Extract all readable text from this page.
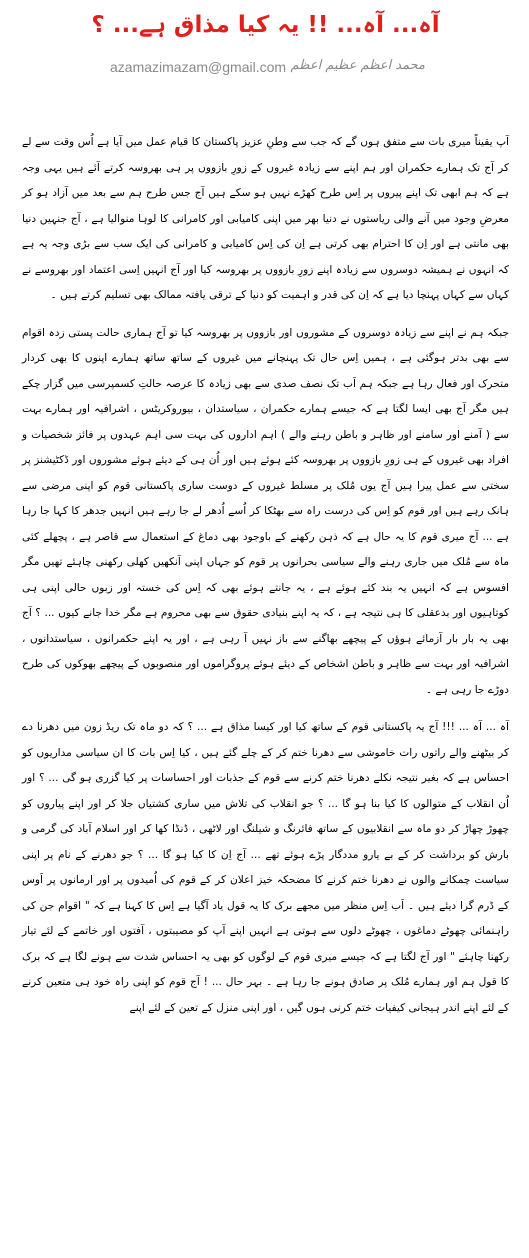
آہ... آہ... !! یہ کیا مذاق ہے... ؟
azamazimazam@gmail.com محمد اعظم عظیم اعظم

آپ یقیناً میری بات سے متفق ہوں گے کہ جب سے وطنِ عزیز پاکستان کا قیام عمل میں آیا ہے اُس وقت سے لے کر آج تک ہمارے حکمران اور ہم اپنے سے زیادہ غیروں کے زورِ بازووں پر ہی بھروسہ کرتے آئے ہیں یہی وجہ ہے کہ ہم ابھی تک اپنے پیروں پر اِس طرح کھڑے نہیں ہو سکے ہیں آج جس طرح ہم سے بعد میں آزاد ہو کر معرضِ وجود میں آنے والی ریاستوں نے دنیا بھر میں اپنی کامیابی اور کامرانی کا لوہا منوالیا ہے ، آج جنہیں دنیا بھی مانتی ہے اور اِن کا احترام بھی کرتی ہے اِن کی اِس کامیابی و کامرانی کی ایک سب سے بڑی وجہ یہ ہے کہ انہوں نے ہمیشہ دوسروں سے زیادہ اپنے زورِ بازووں پر بھروسہ کیا اور آج انہیں اِسی اعتماد اور بھروسے نے کہاں سے کہاں پہنچا دیا ہے کہ اِن کی قدر و اہمیت کو دنیا کے ترقی یافتہ ممالک بھی تسلیم کرتے ہیں ۔

جبکہ ہم نے اپنے سے زیادہ دوسروں کے مشوروں اور بازووں پر بھروسہ کیا تو آج ہماری حالت پستی زدہ اقوام سے بھی بدتر ہوگئی ہے ، ہمیں اِس حال تک پہنچانے میں غیروں کے ساتھ ساتھ ہمارے اپنوں کا بھی کردار متحرک اور فعال رہا ہے جبکہ ہم اَب تک نصف صدی سے بھی زیادہ کا عرصہ حالتِ کسمپرسی میں گزار چکے ہیں مگر آج بھی ایسا لگتا ہے کہ جیسے ہمارے حکمران ، سیاستدان ، بیوروکریٹس ، اشرافیہ اور ہمارے بہت سے ( آمنے اور سامنے اور ظاہر و باطن رہنے والے ) اہم اداروں کی بہت سی اہم عہدوں پر فائز شخصیات و افراد بھی غیروں کے ہی زورِ بازووں پر بھروسہ کئے ہوئے ہیں اور اُن ہی کے دیئے ہوئے مشوروں اور ڈکٹیشنز پر سختی سے عمل پیرا ہیں آج یوں مُلک پر مسلط غیروں کے دوست ساری پاکستانی قوم کو اپنی مرضی سے ہانک رہے ہیں اور قوم کو اِس کی درست راہ سے بھٹکا کر اُسے اُدھر لے جا رہے ہیں انہیں جدھر کا کہا جا رہا ہے ... آج میری قوم کا یہ حال ہے کہ ذہن رکھنے کے باوجود بھی دماغ کے استعمال سے قاصر ہے ، پچھلے کئی ماہ سے مُلک میں جاری رہنے والے سیاسی بحرانوں پر قوم کو جہاں اپنی آنکھیں کھلی رکھنی چاہئے تھیں مگر افسوس ہے کہ انہیں یہ بند کئے ہوئے ہے ، یہ جانتے ہوئے بھی کہ اِس کی خستہ اور زبوں حالی اپنی ہی کوتاہیوں اور بدعقلی کا ہی نتیجہ ہے ، کہ یہ اپنے بنیادی حقوق سے بھی محروم ہے مگر خدا جانے کیوں ... ؟ آج بھی یہ بار بار آزمائے ہوؤں کے پیچھے بھاگنے سے باز نہیں آ رہی ہے ، اور یہ اپنے حکمرانوں ، سیاستدانوں ، اشرافیہ اور بہت سے ظاہر و باطن اشخاص کے دیئے ہوئے پروگراموں اور منصوبوں کے پیچھے بھوکوں کی طرح دوڑے جا رہی ہے ۔

آہ ... آہ ... !!! آج یہ پاکستانی قوم کے ساتھ کیا اور کیسا مذاق ہے ... ؟ کہ دو ماہ تک ریڈ زون میں دھرنا دے کر بیٹھنے والے راتوں رات خاموشی سے دھرنا ختم کر کے چلے گئے ہیں ، کیا اِس بات کا ان سیاسی مداریوں کو احساس ہے کہ بغیر نتیجہ نکلے دھرنا ختم کرنے سے قوم کے جذبات اور احساسات پر کیا گزری ہو گی ... ؟ اور اُن انقلاب کے متوالوں کا کیا بنا ہو گا ... ؟ جو انقلاب کی تلاش میں ساری کشتیاں جلا کر اور اپنے پیاروں کو چھوڑ چھاڑ کر دو ماہ سے انقلابیوں کے ساتھ فائرنگ و شیلنگ اور لاٹھی ، ڈنڈا کھا کر اور اسلام آباد کی گرمی و بارش کو برداشت کر کے بے یارو مددگار پڑے ہوئے تھے ... آج اِن کا کیا ہو گا ... ؟ جو دھرنے کے نام پر اپنی سیاست چمکانے والوں نے دھرنا ختم کرنے کا مضحکہ خیز اعلان کر کے قوم کی اُمیدوں پر اور ارمانوں پر اَوس کے ڈرم گرا دیئے ہیں ۔ اَب اِس منظر میں مجھے برک کا یہ قول یاد آگیا ہے اِس کا کہنا ہے کہ " اقوام جن کی راہنمائی چھوٹے دماغوں ، چھوٹے دلوں سے ہوتی ہے انہیں اپنے آپ کو مصیبتوں ، آفتوں اور خاتمے کے لئے تیار رکھنا چاہئے " اور آج لگتا ہے کہ جیسے میری قوم کے لوگوں کو بھی یہ احساس شدت سے ہونے لگا ہے کہ برک کا قول ہم اور ہمارے مُلک پر صادق ہونے جا رہا ہے ۔ بہر حال ... ! آج قوم کو اپنی راہ خود ہی متعین کرنے کے لئے اپنے اندر ہیجانی کیفیات ختم کرنی ہوں گیں ، اور اپنی منزل کے تعین کے لئے اپنے
